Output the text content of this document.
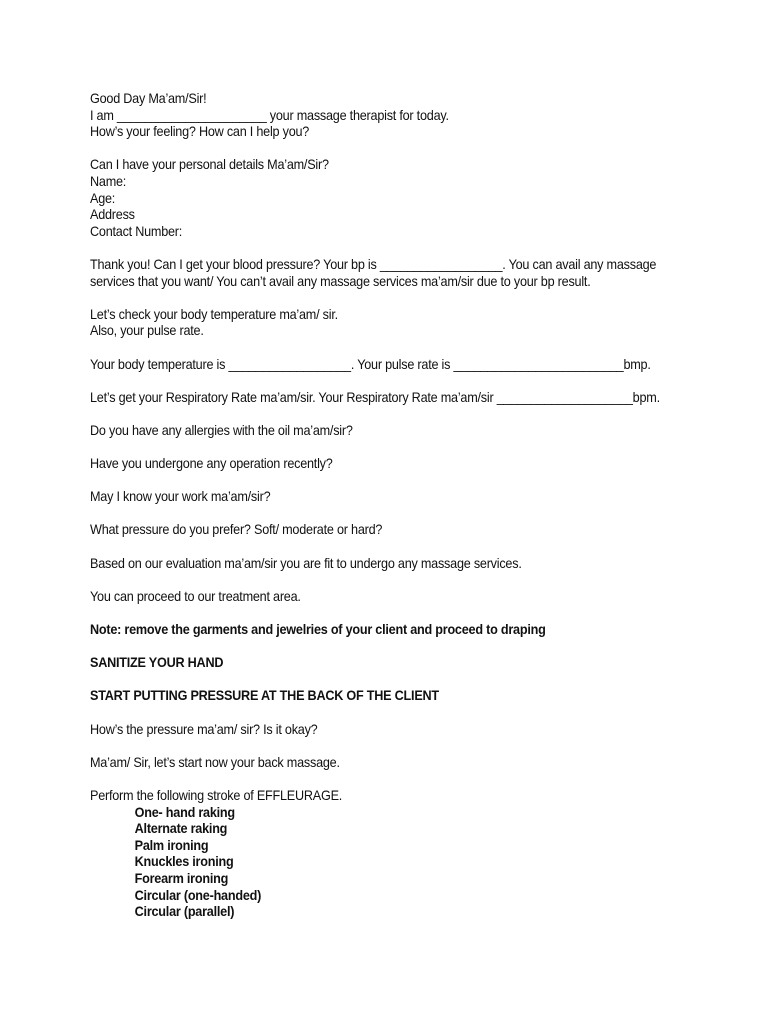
Good Day Ma’am/Sir!
I am ______________________ your massage therapist for today.
How’s your feeling? How can I help you?
Can I have your personal details Ma’am/Sir?
Name:
Age:
Address
Contact Number:
Thank you! Can I get your blood pressure? Your bp is __________________. You can avail any massage
services that you want/ You can’t avail any massage services ma’am/sir due to your bp result.
Let’s check your body temperature ma’am/ sir.
Also, your pulse rate.
Your body temperature is __________________. Your pulse rate is _________________________bmp.
Let’s get your Respiratory Rate ma’am/sir. Your Respiratory Rate ma’am/sir ____________________bpm.
Do you have any allergies with the oil ma’am/sir?
Have you undergone any operation recently?
May I know your work ma’am/sir?
What pressure do you prefer? Soft/ moderate or hard?
Based on our evaluation ma’am/sir you are fit to undergo any massage services.
You can proceed to our treatment area.
Note: remove the garments and jewelries of your client and proceed to draping
SANITIZE YOUR HAND
START PUTTING PRESSURE AT THE BACK OF THE CLIENT
How’s the pressure ma’am/ sir? Is it okay?
Ma’am/ Sir, let’s start now your back massage.
Perform the following stroke of EFFLEURAGE.
One- hand raking
Alternate raking
Palm ironing
Knuckles ironing
Forearm ironing
Circular (one-handed)
Circular (parallel)
